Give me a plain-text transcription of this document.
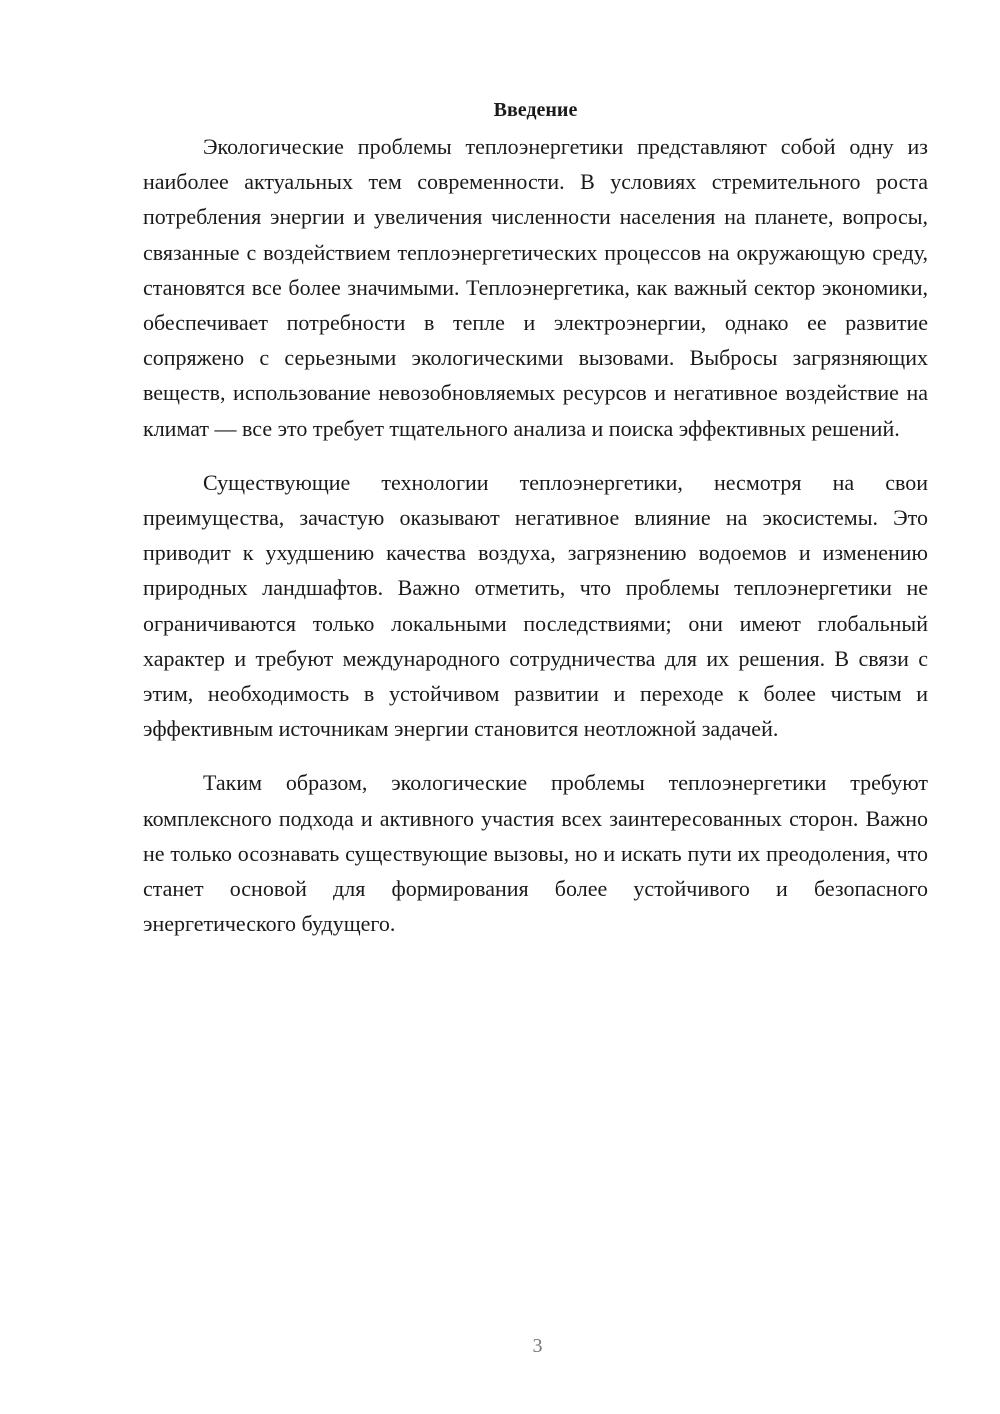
Введение

Экологические проблемы теплоэнергетики представляют собой одну из наиболее актуальных тем современности. В условиях стремительного роста потребления энергии и увеличения численности населения на планете, вопросы, связанные с воздействием теплоэнергетических процессов на окружающую среду, становятся все более значимыми. Теплоэнергетика, как важный сектор экономики, обеспечивает потребности в тепле и электроэнергии, однако ее развитие сопряжено с серьезными экологическими вызовами. Выбросы загрязняющих веществ, использование невозобновляемых ресурсов и негативное воздействие на климат — все это требует тщательного анализа и поиска эффективных решений.

Существующие технологии теплоэнергетики, несмотря на свои преимущества, зачастую оказывают негативное влияние на экосистемы. Это приводит к ухудшению качества воздуха, загрязнению водоемов и изменению природных ландшафтов. Важно отметить, что проблемы теплоэнергетики не ограничиваются только локальными последствиями; они имеют глобальный характер и требуют международного сотрудничества для их решения. В связи с этим, необходимость в устойчивом развитии и переходе к более чистым и эффективным источникам энергии становится неотложной задачей.

Таким образом, экологические проблемы теплоэнергетики требуют комплексного подхода и активного участия всех заинтересованных сторон. Важно не только осознавать существующие вызовы, но и искать пути их преодоления, что станет основой для формирования более устойчивого и безопасного энергетического будущего.

3
